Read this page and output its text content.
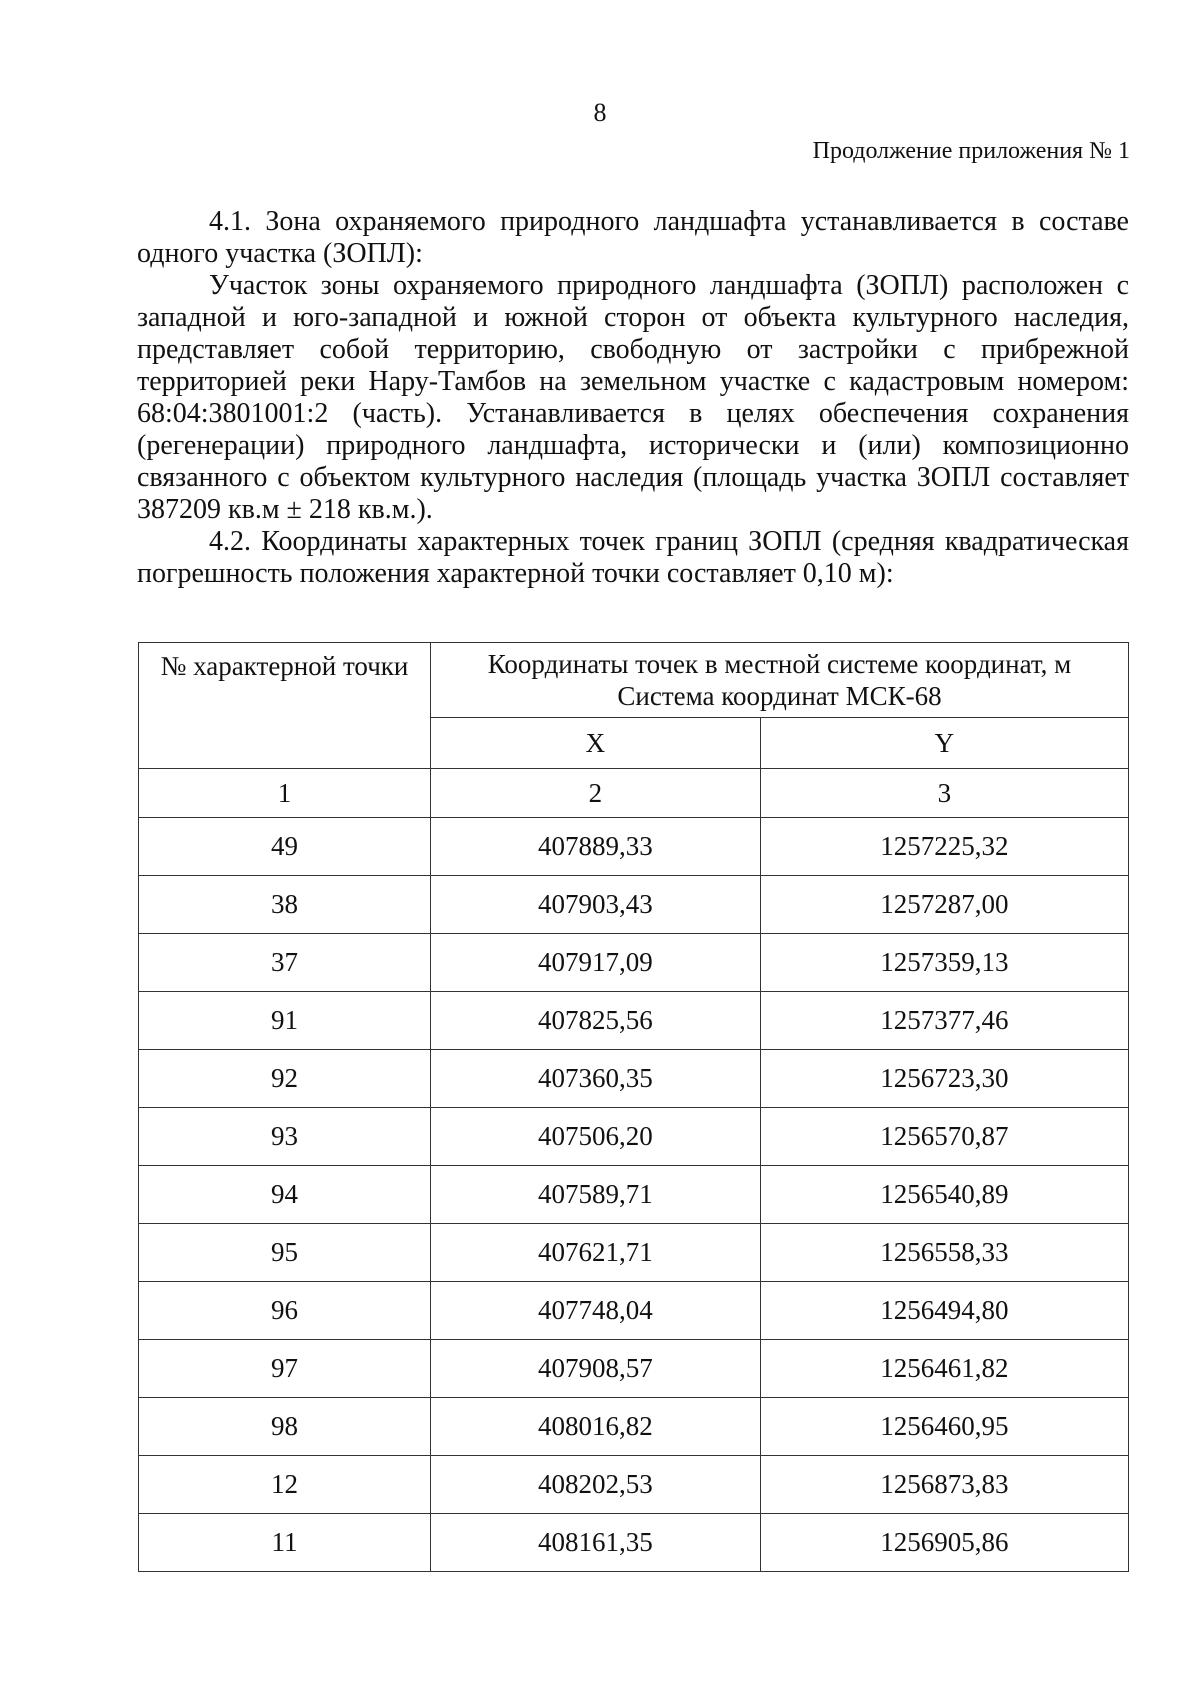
8
Продолжение приложения № 1

4.1. Зона охраняемого природного ландшафта устанавливается в составе одного участка (ЗОПЛ):

Участок зоны охраняемого природного ландшафта (ЗОПЛ) расположен с западной и юго-западной и южной сторон от объекта культурного наследия, представляет собой территорию, свободную от застройки с прибрежной территорией реки Нару-Тамбов на земельном участке с кадастровым номером: 68:04:3801001:2 (часть). Устанавливается в целях обеспечения сохранения (регенерации) природного ландшафта, исторически и (или) композиционно связанного с объектом культурного наследия (площадь участка ЗОПЛ составляет 387209 кв.м ± 218 кв.м.).

4.2. Координаты характерных точек границ ЗОПЛ (средняя квадратическая погрешность положения характерной точки составляет 0,10 м):

№ характерной точки	Координаты точек в местной системе координат, м
Система координат МСК-68	
	X	Y
1	2	3
49	407889,33	1257225,32
38	407903,43	1257287,00
37	407917,09	1257359,13
91	407825,56	1257377,46
92	407360,35	1256723,30
93	407506,20	1256570,87
94	407589,71	1256540,89
95	407621,71	1256558,33
96	407748,04	1256494,80
97	407908,57	1256461,82
98	408016,82	1256460,95
12	408202,53	1256873,83
11	408161,35	1256905,86
